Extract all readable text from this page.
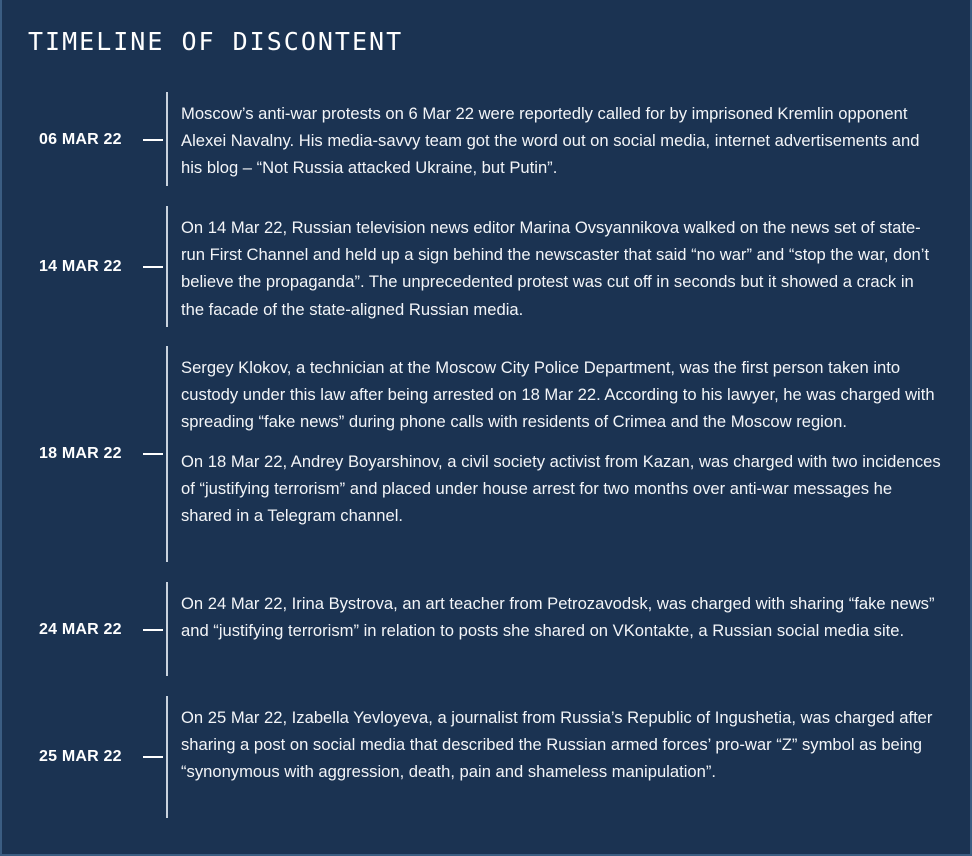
TIMELINE OF DISCONTENT
06 MAR 22

Moscow’s anti-war protests on 6 Mar 22 were reportedly called for by imprisoned Kremlin opponent Alexei Navalny. His media-savvy team got the word out on social media, internet advertisements and his blog – “Not Russia attacked Ukraine, but Putin”.

14 MAR 22

On 14 Mar 22, Russian television news editor Marina Ovsyannikova walked on the news set of state-run First Channel and held up a sign behind the newscaster that said “no war” and “stop the war, don’t believe the propaganda”. The unprecedented protest was cut off in seconds but it showed a crack in the facade of the state-aligned Russian media.

18 MAR 22

Sergey Klokov, a technician at the Moscow City Police Department, was the first person taken into custody under this law after being arrested on 18 Mar 22. According to his lawyer, he was charged with spreading “fake news” during phone calls with residents of Crimea and the Moscow region.

On 18 Mar 22, Andrey Boyarshinov, a civil society activist from Kazan, was charged with two incidences of “justifying terrorism” and placed under house arrest for two months over anti-war messages he shared in a Telegram channel.

24 MAR 22

On 24 Mar 22, Irina Bystrova, an art teacher from Petrozavodsk, was charged with sharing “fake news” and “justifying terrorism” in relation to posts she shared on VKontakte, a Russian social media site.

25 MAR 22

On 25 Mar 22, Izabella Yevloyeva, a journalist from Russia’s Republic of Ingushetia, was charged after sharing a post on social media that described the Russian armed forces’ pro-war “Z” symbol as being “synonymous with aggression, death, pain and shameless manipulation”.
